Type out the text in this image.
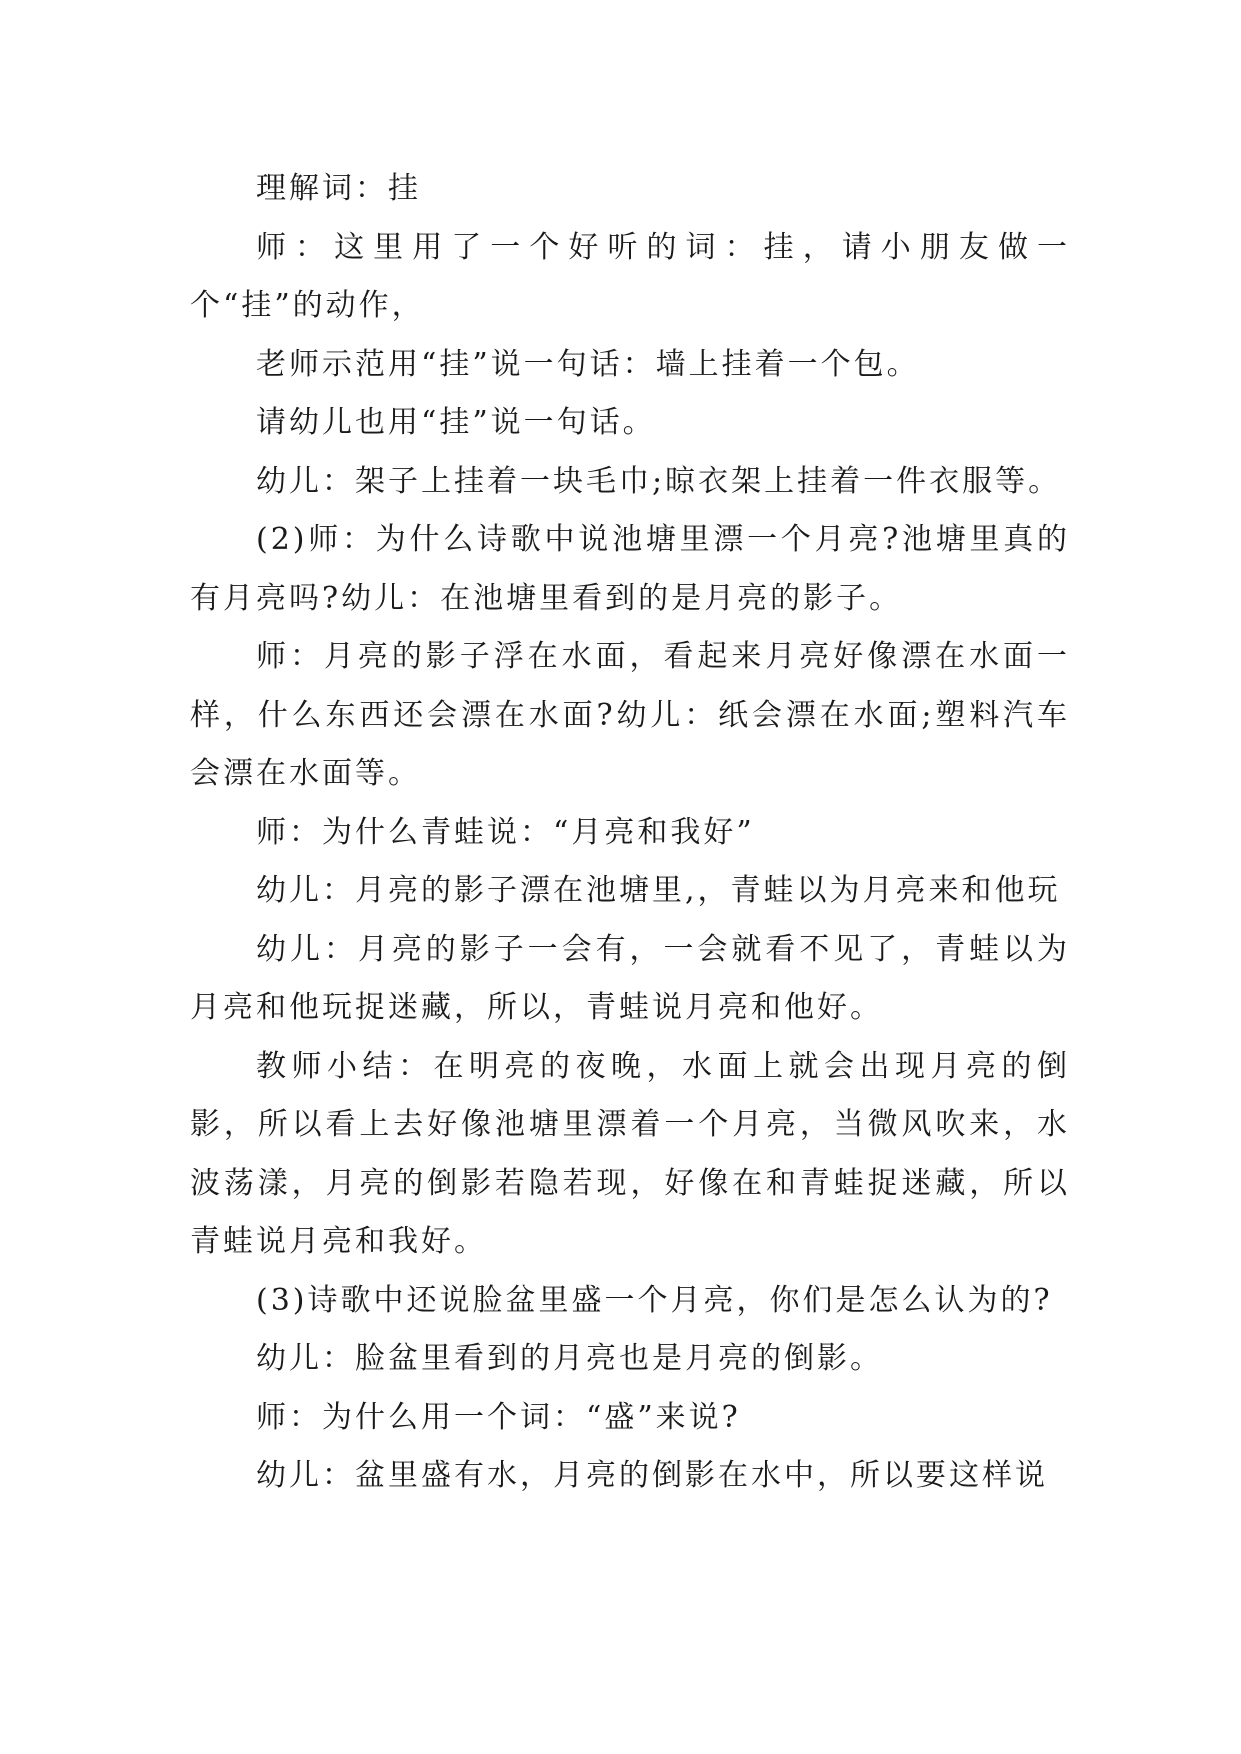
理解词：挂

师：这里用了一个好听的词：挂，请小朋友做一个“挂”的动作，

老师示范用“挂”说一句话：墙上挂着一个包。

请幼儿也用“挂”说一句话。

幼儿：架子上挂着一块毛巾;晾衣架上挂着一件衣服等。

(2)师：为什么诗歌中说池塘里漂一个月亮?池塘里真的有月亮吗?幼儿：在池塘里看到的是月亮的影子。

师：月亮的影子浮在水面，看起来月亮好像漂在水面一样，什么东西还会漂在水面?幼儿：纸会漂在水面;塑料汽车会漂在水面等。

师：为什么青蛙说：“月亮和我好”

幼儿：月亮的影子漂在池塘里,，青蛙以为月亮来和他玩

幼儿：月亮的影子一会有，一会就看不见了，青蛙以为月亮和他玩捉迷藏，所以，青蛙说月亮和他好。

教师小结：在明亮的夜晚，水面上就会出现月亮的倒影，所以看上去好像池塘里漂着一个月亮，当微风吹来，水波荡漾，月亮的倒影若隐若现，好像在和青蛙捉迷藏，所以青蛙说月亮和我好。

(3)诗歌中还说脸盆里盛一个月亮，你们是怎么认为的?

幼儿：脸盆里看到的月亮也是月亮的倒影。

师：为什么用一个词：“盛”来说?

幼儿：盆里盛有水，月亮的倒影在水中，所以要这样说
